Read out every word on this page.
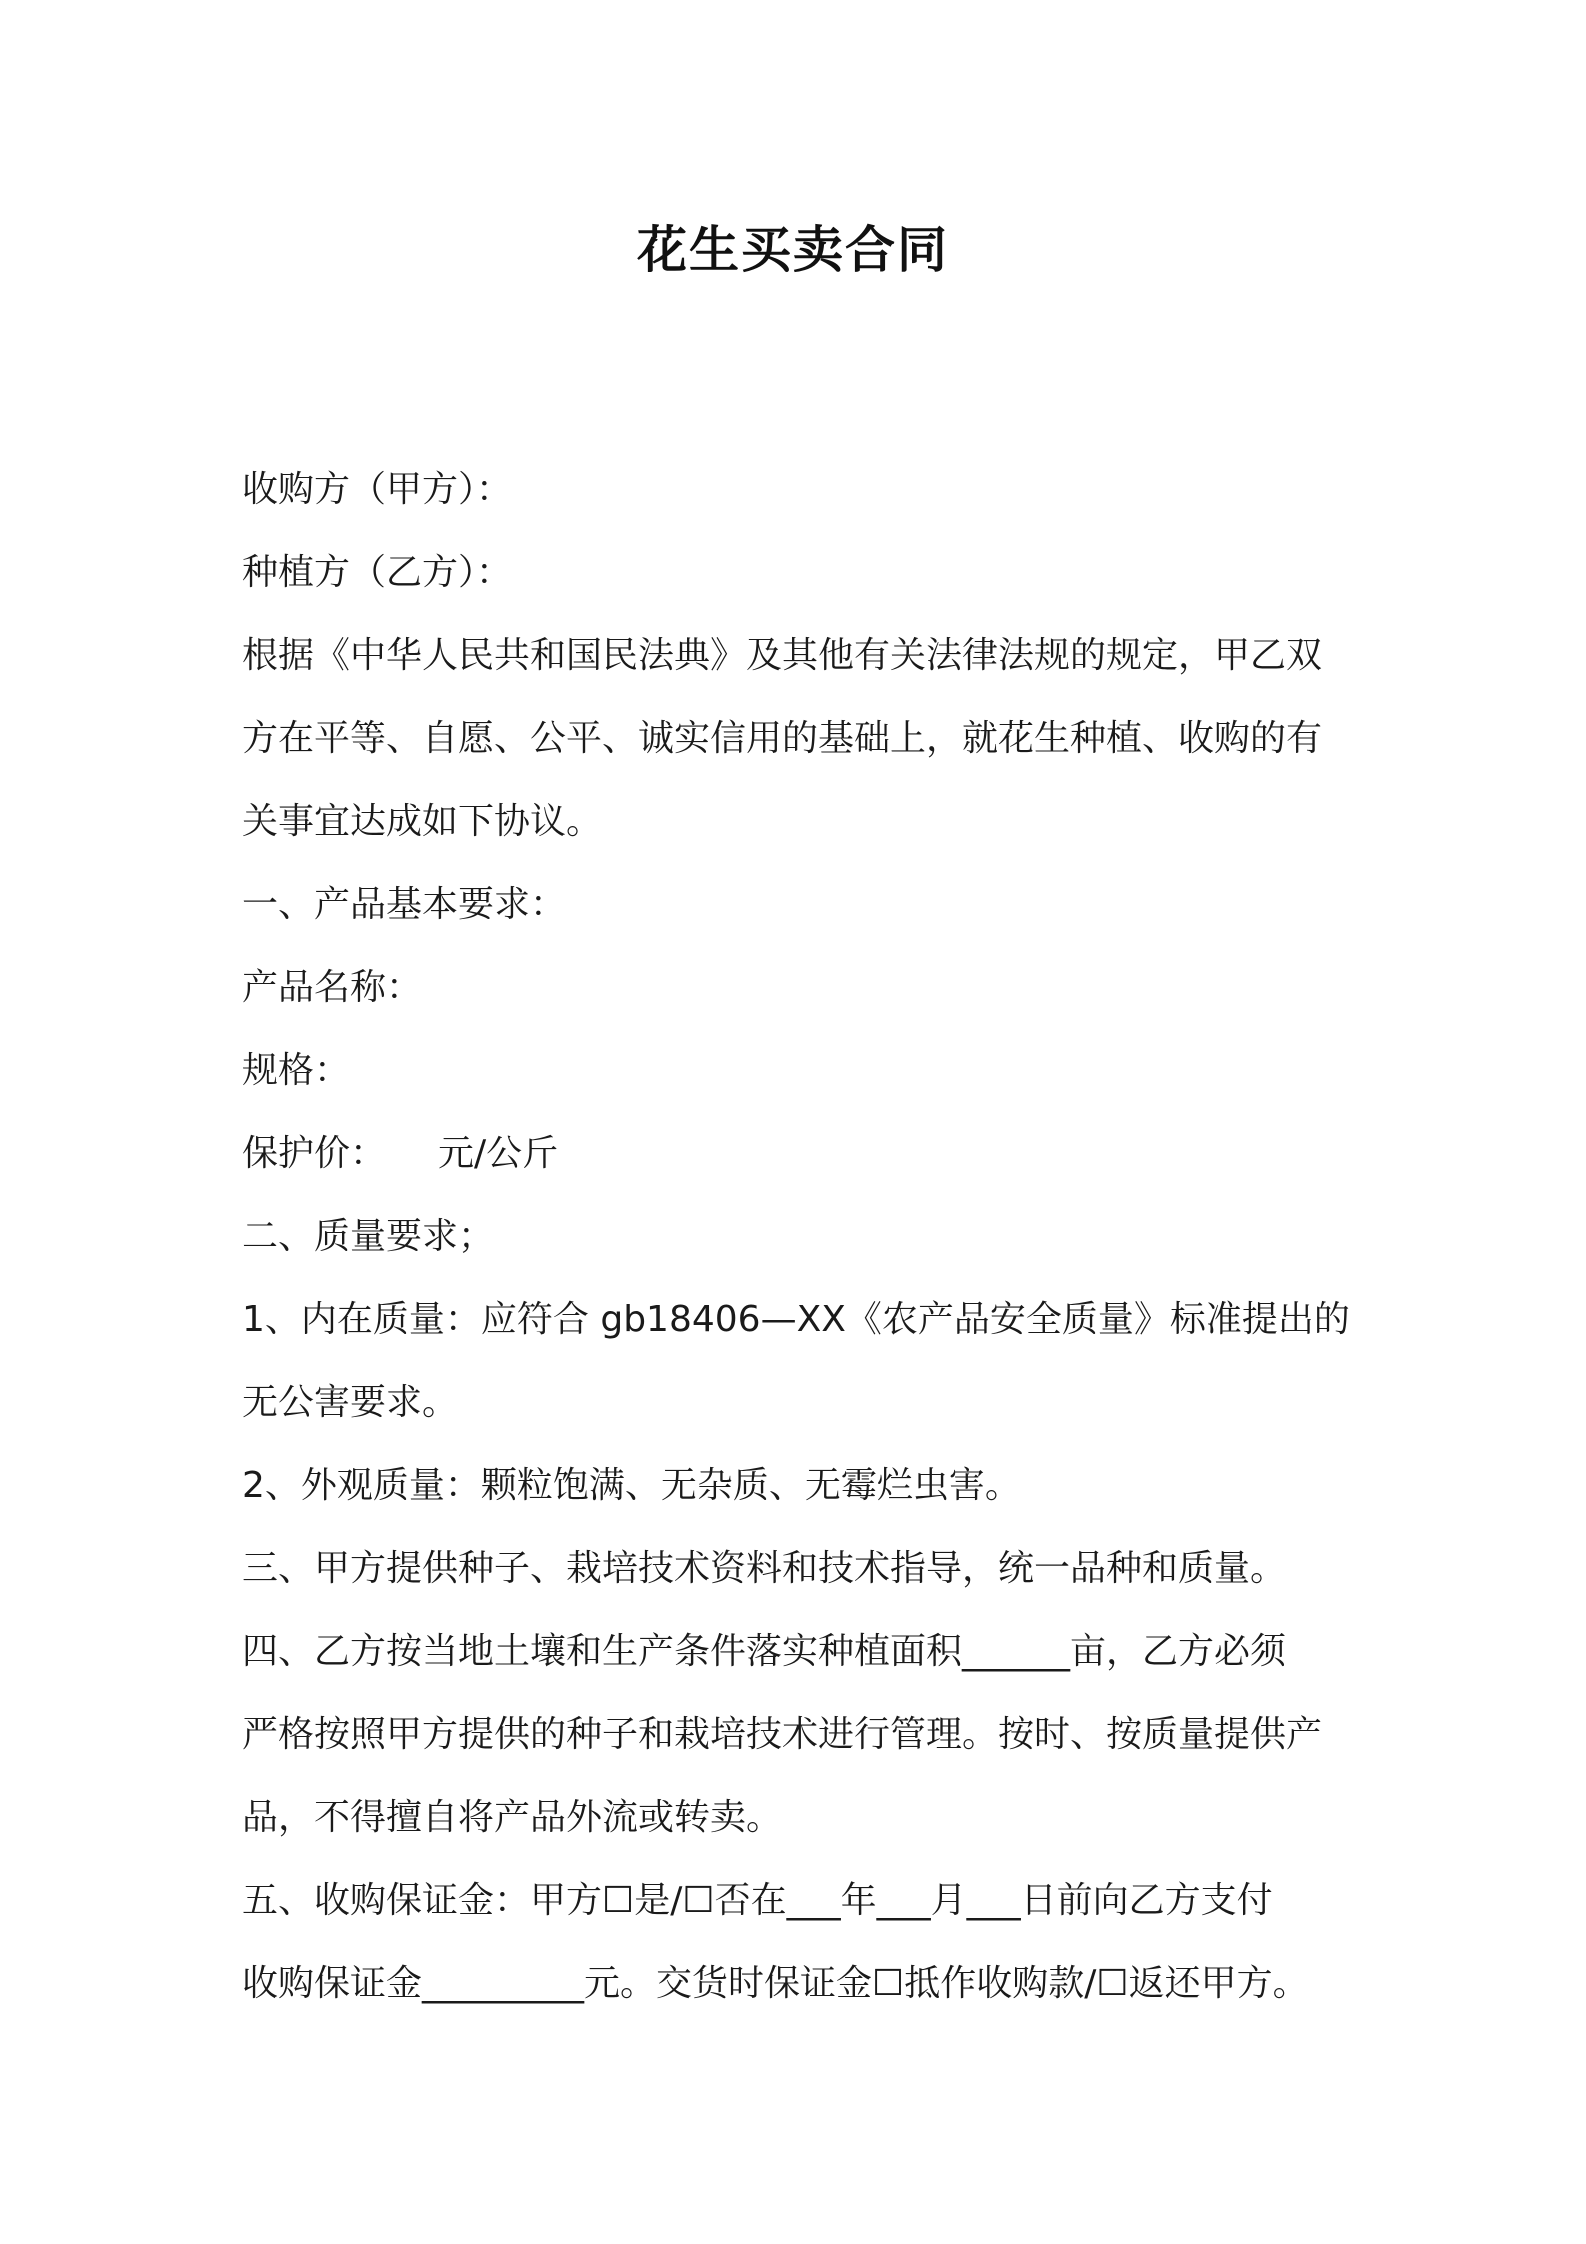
花生买卖合同

收购方（甲方）：

种植方（乙方）：

根据《中华人民共和国民法典》及其他有关法律法规的规定，甲乙双

方在平等、自愿、公平、诚实信用的基础上，就花生种植、收购的有

关事宜达成如下协议。

一、产品基本要求：

产品名称：

规格：

保护价： 元/公斤

二、质量要求；

1、内在质量：应符合 gb18406—XX《农产品安全质量》标准提出的

无公害要求。

2、外观质量：颗粒饱满、无杂质、无霉烂虫害。

三、甲方提供种子、栽培技术资料和技术指导，统一品种和质量。

四、乙方按当地土壤和生产条件落实种植面积______亩，乙方必须

严格按照甲方提供的种子和栽培技术进行管理。按时、按质量提供产

品，不得擅自将产品外流或转卖。

五、收购保证金：甲方☐是/☐否在___年___月___日前向乙方支付

收购保证金_________元。交货时保证金☐抵作收购款/☐返还甲方。
